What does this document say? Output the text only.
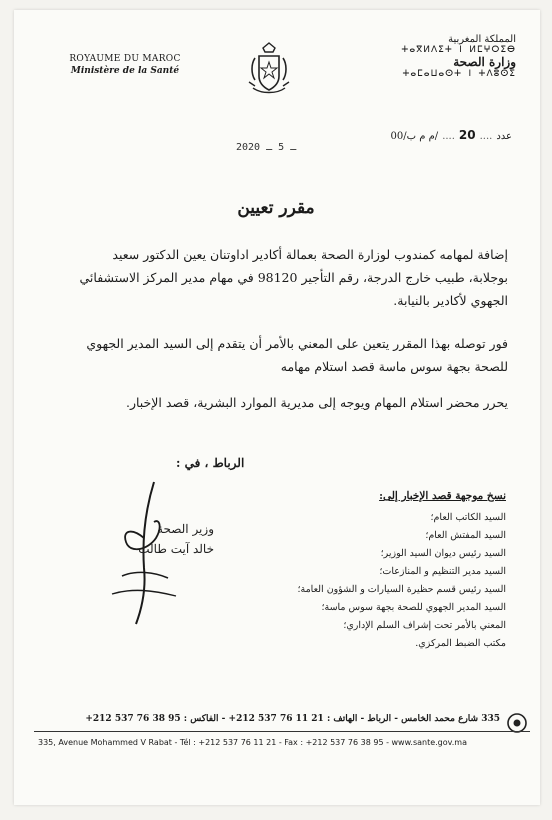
ROYAUME DU MAROC
Ministère de la Santé
المملكة المغربية
ⵜⴰⴳⵍⴷⵉⵜ ⵏ ⵍⵎⵖⵔⵉⴱ
وزارة الصحة
ⵜⴰⵎⴰⵡⴰⵙⵜ ⵏ ⵜⴷⵓⵙⵉ
عدد
....
20
....
/م م ب/00
2020 ـ 5 ـ
مقرر تعيين
إضافة لمهامه كمندوب لوزارة الصحة بعمالة أكادير اداوتنان يعين الدكتور سعيد بوجلابة، طبيب خارج الدرجة، رقم التأجير 98120 في مهام مدير المركز الاستشفائي الجهوي لأكادير بالنيابة.
فور توصله بهذا المقرر يتعين على المعني بالأمر أن يتقدم إلى السيد المدير الجهوي للصحة بجهة سوس ماسة قصد استلام مهامه
يحرر محضر استلام المهام ويوجه إلى مديرية الموارد البشرية، قصد الإخبار.
الرباط ، في :
وزير الصحة
خالد آيت طالب
نسخ موجهة قصد الإخبار إلى:
السيد الكاتب العام؛
السيد المفتش العام؛
السيد رئيس ديوان السيد الوزير؛
السيد مدير التنظيم و المنازعات؛
السيد رئيس قسم حظيرة السيارات و الشؤون العامة؛
السيد المدير الجهوي للصحة بجهة سوس ماسة؛
المعني بالأمر تحت إشراف السلم الإداري؛
مكتب الضبط المركزي.
335 شارع محمد الخامس - الرباط - الهاتف : 21 11 76 537 212+ - الفاكس : 95 38 76 537 212+
335, Avenue Mohammed V Rabat - Tél : +212 537 76 11 21 - Fax : +212 537 76 38 95 - www.sante.gov.ma
